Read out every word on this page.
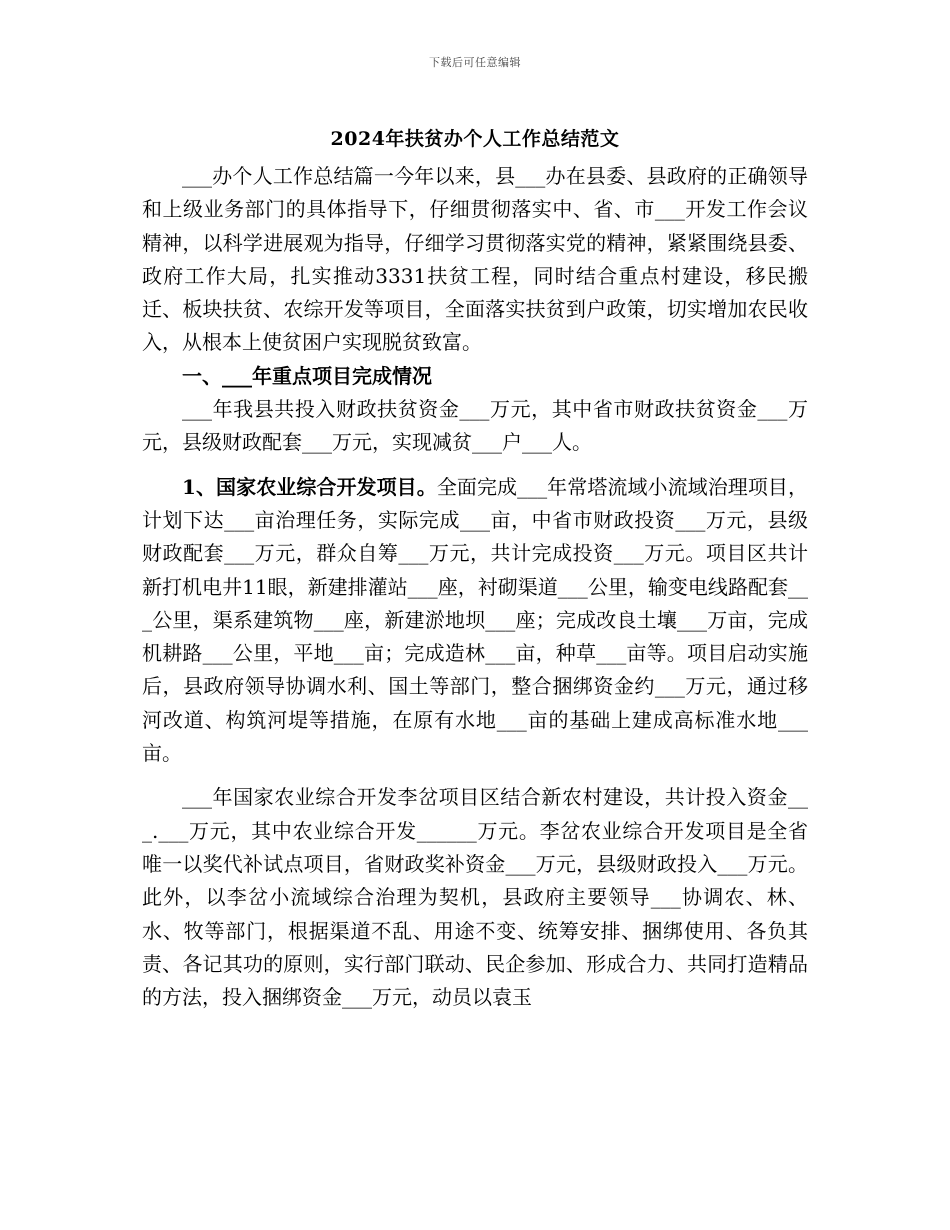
下载后可任意编辑
2024年扶贫办个人工作总结范文

___办个人工作总结篇一今年以来，县___办在县委、县政府的正确领导和上级业务部门的具体指导下，仔细贯彻落实中、省、市___开发工作会议精神，以科学进展观为指导，仔细学习贯彻落实党的精神，紧紧围绕县委、政府工作大局，扎实推动3331扶贫工程，同时结合重点村建设，移民搬迁、板块扶贫、农综开发等项目，全面落实扶贫到户政策，切实增加农民收入，从根本上使贫困户实现脱贫致富。

一、___年重点项目完成情况

___年我县共投入财政扶贫资金___万元，其中省市财政扶贫资金___万元，县级财政配套___万元，实现减贫___户___人。

1、国家农业综合开发项目。全面完成___年常塔流域小流域治理项目，计划下达___亩治理任务，实际完成___亩，中省市财政投资___万元，县级财政配套___万元，群众自筹___万元，共计完成投资___万元。项目区共计新打机电井11眼，新建排灌站___座，衬砌渠道___公里，输变电线路配套___公里，渠系建筑物___座，新建淤地坝___座；完成改良土壤___万亩，完成机耕路___公里，平地___亩；完成造林___亩，种草___亩等。项目启动实施后，县政府领导协调水利、国土等部门，整合捆绑资金约___万元，通过移河改道、构筑河堤等措施，在原有水地___亩的基础上建成高标准水地___亩。

___年国家农业综合开发李岔项目区结合新农村建设，共计投入资金___.___万元，其中农业综合开发______万元。李岔农业综合开发项目是全省唯一以奖代补试点项目，省财政奖补资金___万元，县级财政投入___万元。此外，以李岔小流域综合治理为契机，县政府主要领导___协调农、林、水、牧等部门，根据渠道不乱、用途不变、统筹安排、捆绑使用、各负其责、各记其功的原则，实行部门联动、民企参加、形成合力、共同打造精品的方法，投入捆绑资金___万元，动员以袁玉
